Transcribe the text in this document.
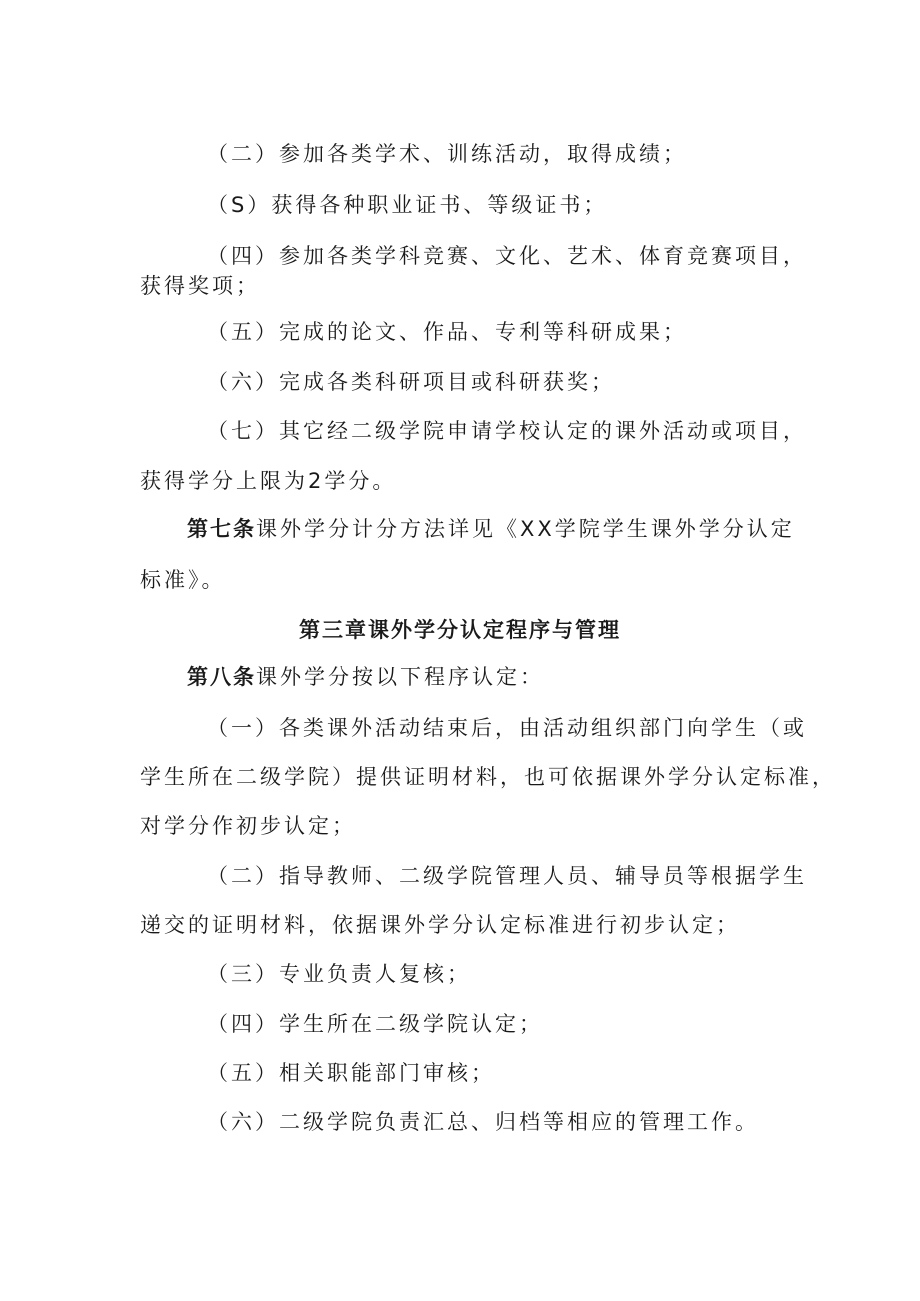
（二）参加各类学术、训练活动，取得成绩；
（S）获得各种职业证书、等级证书；
（四）参加各类学科竞赛、文化、艺术、体育竞赛项目，
获得奖项；
（五）完成的论文、作品、专利等科研成果；
（六）完成各类科研项目或科研获奖；
（七）其它经二级学院申请学校认定的课外活动或项目，
获得学分上限为2学分。
第七条课外学分计分方法详见《XX学院学生课外学分认定
标准》。
第三章课外学分认定程序与管理
第八条课外学分按以下程序认定：
（一）各类课外活动结束后，由活动组织部门向学生（或
学生所在二级学院）提供证明材料，也可依据课外学分认定标准，
对学分作初步认定；
（二）指导教师、二级学院管理人员、辅导员等根据学生
递交的证明材料，依据课外学分认定标准进行初步认定；
（三）专业负责人复核；
（四）学生所在二级学院认定；
（五）相关职能部门审核；
（六）二级学院负责汇总、归档等相应的管理工作。
